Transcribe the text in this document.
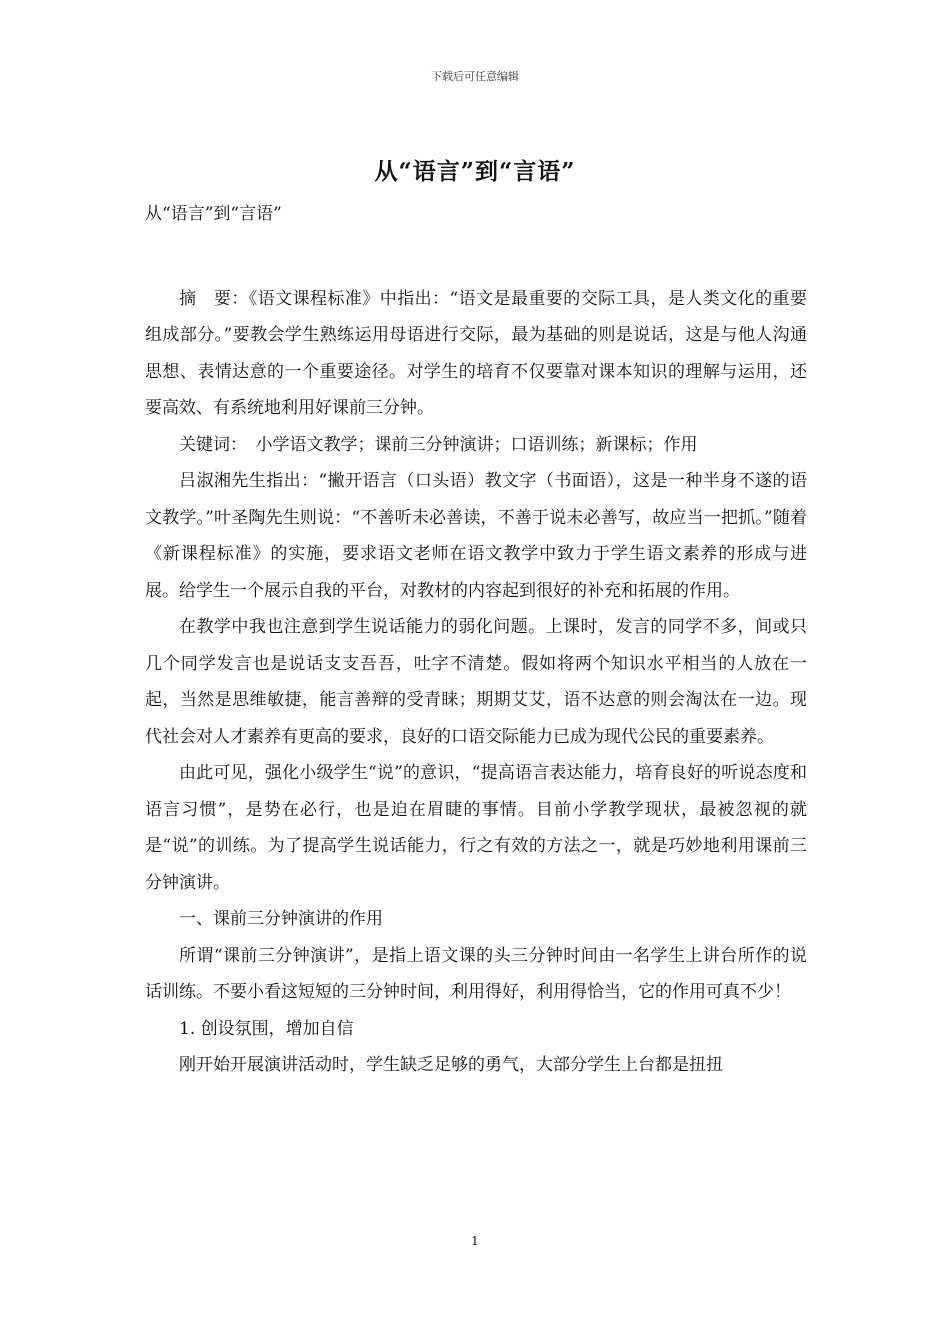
下载后可任意编辑
从“语言”到“言语”

从“语言”到“言语”

摘　要：《语文课程标准》中指出：“语文是最重要的交际工具，是人类文化的重要组成部分。”要教会学生熟练运用母语进行交际，最为基础的则是说话，这是与他人沟通思想、表情达意的一个重要途径。对学生的培育不仅要靠对课本知识的理解与运用，还要高效、有系统地利用好课前三分钟。

关键词：　小学语文教学；课前三分钟演讲；口语训练；新课标；作用

吕淑湘先生指出：“撇开语言（口头语）教文字（书面语），这是一种半身不遂的语文教学。”叶圣陶先生则说：“不善听未必善读，不善于说未必善写，故应当一把抓。”随着《新课程标准》的实施，要求语文老师在语文教学中致力于学生语文素养的形成与进展。给学生一个展示自我的平台，对教材的内容起到很好的补充和拓展的作用。

在教学中我也注意到学生说话能力的弱化问题。上课时，发言的同学不多，间或只几个同学发言也是说话支支吾吾，吐字不清楚。假如将两个知识水平相当的人放在一起，当然是思维敏捷，能言善辩的受青睐；期期艾艾，语不达意的则会淘汰在一边。现代社会对人才素养有更高的要求，良好的口语交际能力已成为现代公民的重要素养。

由此可见，强化小级学生“说”的意识，“提高语言表达能力，培育良好的听说态度和语言习惯”，是势在必行，也是迫在眉睫的事情。目前小学教学现状，最被忽视的就是“说”的训练。为了提高学生说话能力，行之有效的方法之一，就是巧妙地利用课前三分钟演讲。

一、课前三分钟演讲的作用

所谓“课前三分钟演讲”，是指上语文课的头三分钟时间由一名学生上讲台所作的说话训练。不要小看这短短的三分钟时间，利用得好，利用得恰当，它的作用可真不少！

1. 创设氛围，增加自信

刚开始开展演讲活动时，学生缺乏足够的勇气，大部分学生上台都是扭扭

1
